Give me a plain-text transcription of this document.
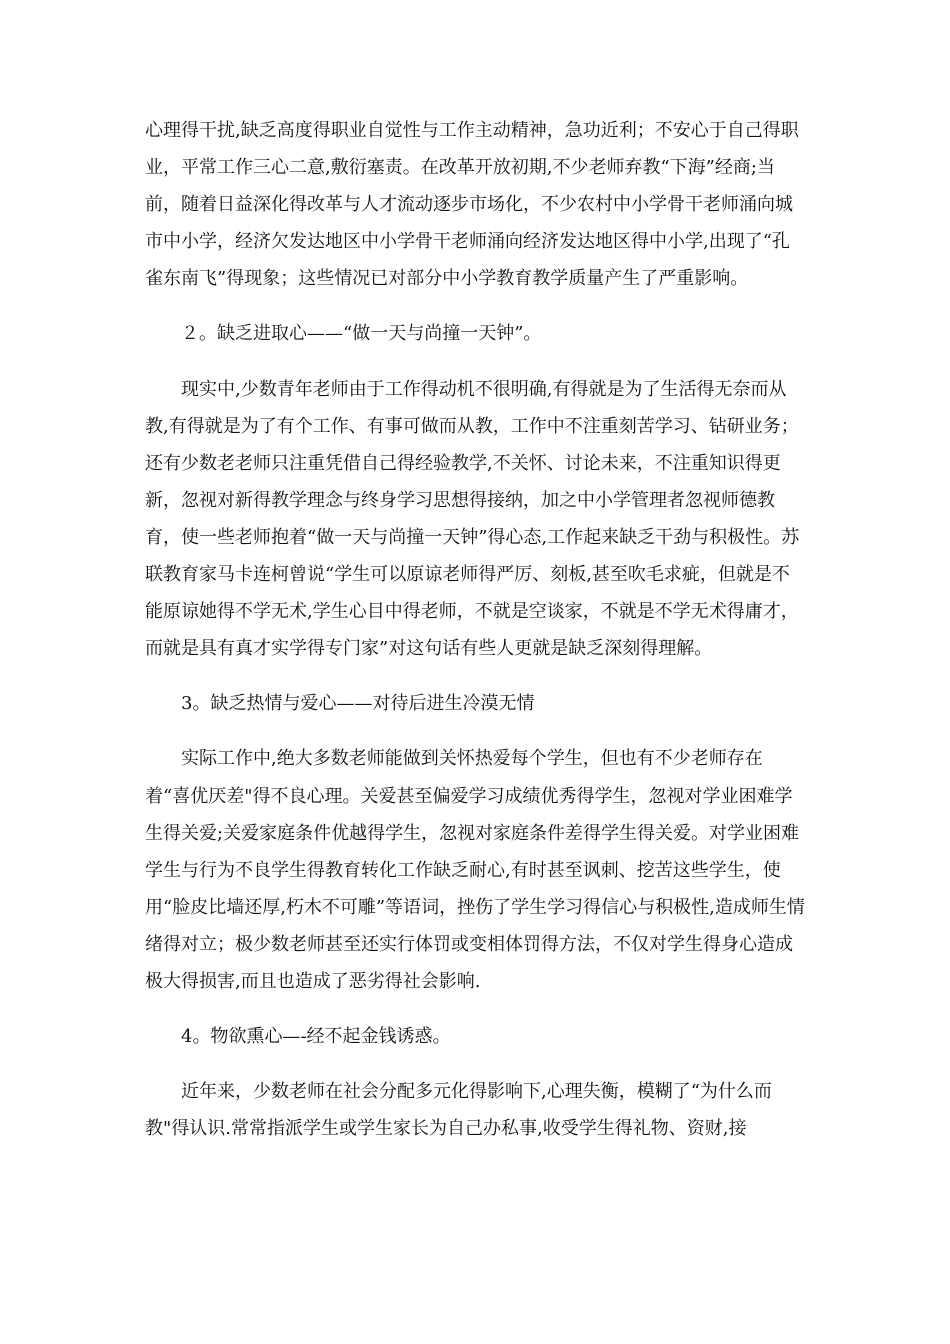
心理得干扰,缺乏高度得职业自觉性与工作主动精神，急功近利；不安心于自己得职业，平常工作三心二意,敷衍塞责。在改革开放初期,不少老师弃教“下海”经商;当前，随着日益深化得改革与人才流动逐步市场化，不少农村中小学骨干老师涌向城市中小学，经济欠发达地区中小学骨干老师涌向经济发达地区得中小学,出现了“孔雀东南飞”得现象；这些情况已对部分中小学教育教学质量产生了严重影响。

２。缺乏进取心——“做一天与尚撞一天钟”。

现实中,少数青年老师由于工作得动机不很明确,有得就是为了生活得无奈而从教,有得就是为了有个工作、有事可做而从教，工作中不注重刻苦学习、钻研业务；还有少数老老师只注重凭借自己得经验教学,不关怀、讨论未来，不注重知识得更新，忽视对新得教学理念与终身学习思想得接纳，加之中小学管理者忽视师德教育，使一些老师抱着“做一天与尚撞一天钟”得心态,工作起来缺乏干劲与积极性。苏联教育家马卡连柯曾说“学生可以原谅老师得严厉、刻板,甚至吹毛求疵，但就是不能原谅她得不学无术,学生心目中得老师，不就是空谈家，不就是不学无术得庸才，而就是具有真才实学得专门家”对这句话有些人更就是缺乏深刻得理解。

3。缺乏热情与爱心——对待后进生冷漠无情

实际工作中,绝大多数老师能做到关怀热爱每个学生，但也有不少老师存在着“喜优厌差"得不良心理。关爱甚至偏爱学习成绩优秀得学生，忽视对学业困难学生得关爱;关爱家庭条件优越得学生，忽视对家庭条件差得学生得关爱。对学业困难学生与行为不良学生得教育转化工作缺乏耐心,有时甚至讽刺、挖苦这些学生，使用“脸皮比墙还厚,朽木不可雕”等语词，挫伤了学生学习得信心与积极性,造成师生情绪得对立；极少数老师甚至还实行体罚或变相体罚得方法，不仅对学生得身心造成极大得损害,而且也造成了恶劣得社会影响.

4。物欲熏心—-经不起金钱诱惑。

近年来，少数老师在社会分配多元化得影响下,心理失衡，模糊了“为什么而教"得认识.常常指派学生或学生家长为自己办私事,收受学生得礼物、资财,接
